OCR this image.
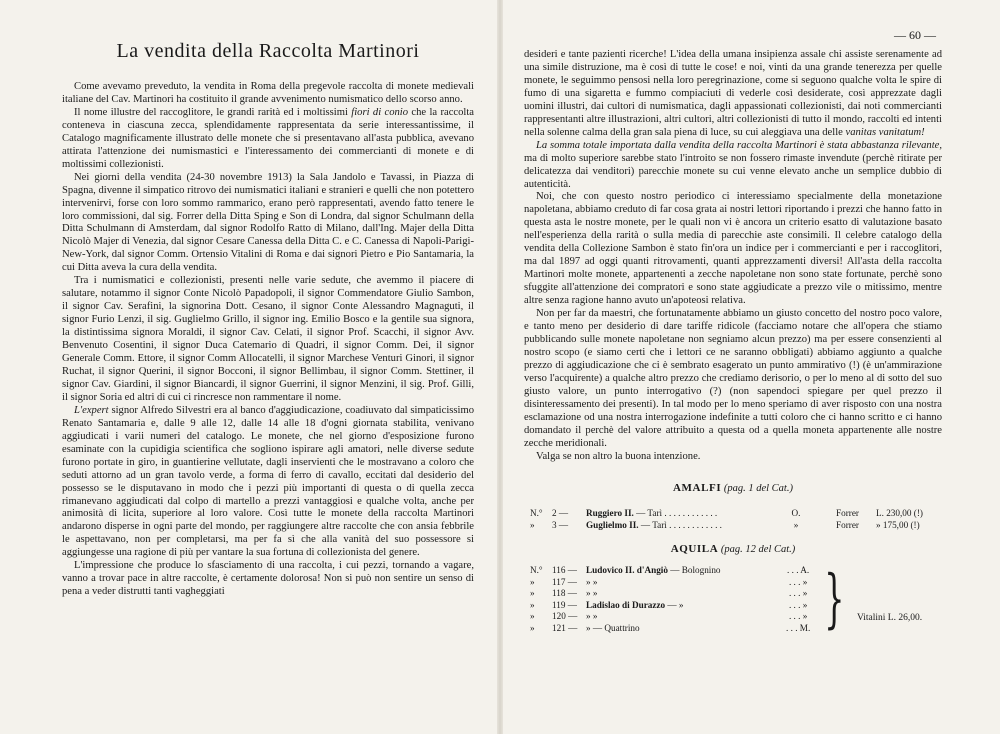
La vendita della Raccolta Martinori

Come avevamo preveduto, la vendita in Roma della pregevole raccolta di monete medievali italiane del Cav. Martinori ha costituito il grande avvenimento numismatico dello scorso anno.

Il nome illustre del raccoglitore, le grandi rarità ed i moltissimi fiori di conio che la raccolta conteneva in ciascuna zecca, splendidamente rappresentata da serie interessantissime, il Catalogo magnificamente illustrato delle monete che si presentavano all'asta pubblica, avevano attirata l'attenzione dei numismastici e l'interessamento dei commercianti di monete e di moltissimi collezionisti.

Nei giorni della vendita (24-30 novembre 1913) la Sala Jandolo e Tavassi, in Piazza di Spagna, divenne il simpatico ritrovo dei numismatici italiani e stranieri e quelli che non potettero intervenirvi, forse con loro sommo rammarico, erano però rappresentati, avendo fatto tenere le loro commissioni, dal sig. Forrer della Ditta Sping e Son di Londra, dal signor Schulmann della Ditta Schulmann di Amsterdam, dal signor Rodolfo Ratto di Milano, dall'Ing. Majer della Ditta Nicolò Majer di Venezia, dal signor Cesare Canessa della Ditta C. e C. Canessa di Napoli-Parigi-New-York, dal signor Comm. Ortensio Vitalini di Roma e dai signori Pietro e Pio Santamaria, la cui Ditta aveva la cura della vendita.

Tra i numismatici e collezionisti, presenti nelle varie sedute, che avemmo il piacere di salutare, notammo il signor Conte Nicolò Papadopoli, il signor Commendatore Giulio Sambon, il signor Cav. Serafini, la signorina Dott. Cesano, il signor Conte Alessandro Magnaguti, il signor Furio Lenzi, il sig. Guglielmo Grillo, il signor ing. Emilio Bosco e la gentile sua signora, la distintissima signora Moraldi, il signor Cav. Celati, il signor Prof. Scacchi, il signor Avv. Benvenuto Cosentini, il signor Duca Catemario di Quadri, il signor Comm. Dei, il signor Generale Comm. Ettore, il signor Comm Allocatelli, il signor Marchese Venturi Ginori, il signor Ruchat, il signor Querini, il signor Bocconi, il signor Bellimbau, il signor Comm. Stettiner, il signor Cav. Giardini, il signor Biancardi, il signor Guerrini, il signor Menzini, il sig. Prof. Gilli, il signor Soria ed altri di cui ci rincresce non rammentare il nome.

L'expert signor Alfredo Silvestri era al banco d'aggiudicazione, coadiuvato dal simpaticissimo Renato Santamaria e, dalle 9 alle 12, dalle 14 alle 18 d'ogni giornata stabilita, venivano aggiudicati i varii numeri del catalogo. Le monete, che nel giorno d'esposizione furono esaminate con la cupidigia scientifica che sogliono ispirare agli amatori, nelle diverse sedute furono portate in giro, in guantierine vellutate, dagli inservienti che le mostravano a coloro che seduti attorno ad un gran tavolo verde, a forma di ferro di cavallo, eccitati dal desiderio del possesso se le disputavano in modo che i pezzi più importanti di questa o di quella zecca rimanevano aggiudicati dal colpo di martello a prezzi vantaggiosi e qualche volta, anche per animosità di licita, superiore al loro valore. Così tutte le monete della raccolta Martinori andarono disperse in ogni parte del mondo, per raggiungere altre raccolte che con ansia febbrile le aspettavano, non per completarsi, ma per fa sì che alla vanità del suo possessore si aggiungesse una ragione di più per vantare la sua fortuna di collezionista del genere.

L'impressione che produce lo sfasciamento di una raccolta, i cui pezzi, tornando a vagare, vanno a trovar pace in altre raccolte, è certamente dolorosa! Non si può non sentire un senso di pena a veder distrutti tanti vagheggiati

— 60 —

desideri e tante pazienti ricerche! L'idea della umana insipienza assale chi assiste serenamente ad una simile distruzione, ma è così di tutte le cose! e noi, vinti da una grande tenerezza per quelle monete, le seguimmo pensosi nella loro peregrinazione, come si seguono qualche volta le spire di fumo di una sigaretta e fummo compiaciuti di vederle così desiderate, così apprezzate dagli uomini illustri, dai cultori di numismatica, dagli appassionati collezionisti, dai noti commercianti rappresentanti altre illustrazioni, altri cultori, altri collezionisti di tutto il mondo, raccolti ed intenti nella solenne calma della gran sala piena di luce, su cui aleggiava una delle vanitas vanitatum!

La somma totale importata dalla vendita della raccolta Martinori è stata abbastanza rilevante, ma di molto superiore sarebbe stato l'introito se non fossero rimaste invendute (perchè ritirate per delicatezza dai venditori) parecchie monete su cui venne elevato anche un semplice dubbio di autenticità.

Noi, che con questo nostro periodico ci interessiamo specialmente della monetazione napoletana, abbiamo creduto di far cosa grata ai nostri lettori riportando i prezzi che hanno fatto in questa asta le nostre monete, per le quali non vi è ancora un criterio esatto di valutazione basato nell'esperienza della rarità o sulla media di parecchie aste consimili. Il celebre catalogo della vendita della Collezione Sambon è stato fin'ora un indice per i commercianti e per i raccoglitori, ma dal 1897 ad oggi quanti ritrovamenti, quanti apprezzamenti diversi! All'asta della raccolta Martinori molte monete, appartenenti a zecche napoletane non sono state fortunate, perchè sono sfuggite all'attenzione dei compratori e sono state aggiudicate a prezzo vile o mitissimo, mentre altre senza ragione hanno avuto un'apoteosi relativa.

Non per far da maestri, che fortunatamente abbiamo un giusto concetto del nostro poco valore, e tanto meno per desiderio di dare tariffe ridicole (facciamo notare che all'opera che stiamo pubblicando sulle monete napoletane non segniamo alcun prezzo) ma per essere consenzienti al nostro scopo (e siamo certi che i lettori ce ne saranno obbligati) abbiamo aggiunto a qualche prezzo di aggiudicazione che ci è sembrato esagerato un punto ammirativo (!) (è un'ammirazione verso l'acquirente) a qualche altro prezzo che crediamo derisorio, o per lo meno al di sotto del suo giusto valore, un punto interrogativo (?) (non sapendoci spiegare per quel prezzo il disinteressamento dei presenti). In tal modo per lo meno speriamo di aver risposto con una nostra esclamazione od una nostra interrogazione indefinite a tutti coloro che ci hanno scritto e ci hanno domandato il perchè del valore attribuito a questa od a quella moneta appartenente alle nostre zecche meridionali.

Valga se non altro la buona intenzione.

AMALFI (pag. 1 del Cat.)
N.°	2 —	Ruggiero II. — Tarì . . . . . . . . . . . .	O.	Forrer	L. 230,00 (!)
»	3 —	Guglielmo II. — Tarì . . . . . . . . . . . .	»	Forrer	» 175,00 (!)
AQUILA (pag. 12 del Cat.)
N.°	116 —	Ludovico II. d'Angiò — Bolognino	. . . A.	} Vitalini L. 26,00.
»	117 —	» »	. . . »	
»	118 —	» »	. . . »	
»	119 —	Ladislao di Durazzo — »	. . . »	
»	120 —	» »	. . . »	
»	121 —	» — Quattrino	. . . M.	
